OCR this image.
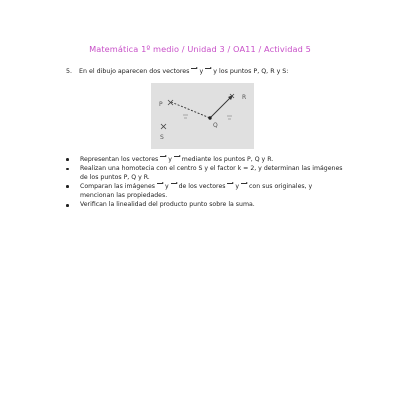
Matemática 1º medio / Unidad 3 / OA11 / Actividad 5
5. En el dibujo aparecen dos vectores y y los puntos P, Q, R y S:
P
Q
R
S
Representan los vectores y mediante los puntos P, Q y R.
Realizan una homotecia con el centro S y el factor k = 2, y determinan las imágenes de los puntos P, Q y R.
Comparan las imágenes y de los vectores y con sus originales, y mencionan las propiedades.
Verifican la linealidad del producto punto sobre la suma.
